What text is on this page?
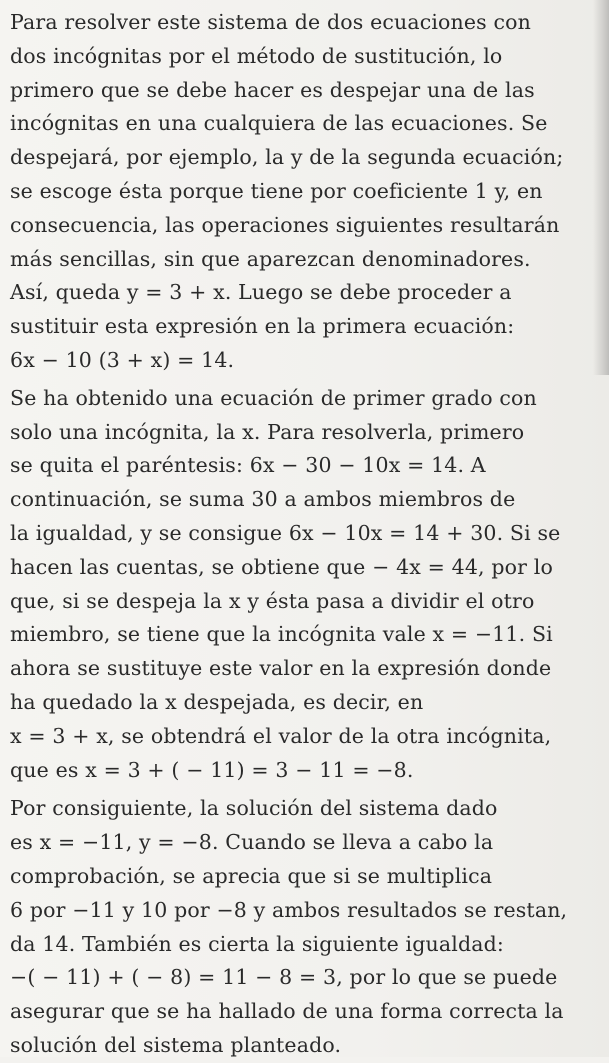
Para resolver este sistema de dos ecuaciones con
dos incógnitas por el método de sustitución, lo
primero que se debe hacer es despejar una de las
incógnitas en una cualquiera de las ecuaciones. Se
despejará, por ejemplo, la y de la segunda ecuación;
se escoge ésta porque tiene por coeficiente 1 y, en
consecuencia, las operaciones siguientes resultarán
más sencillas, sin que aparezcan denominadores.
Así, queda y = 3 + x. Luego se debe proceder a
sustituir esta expresión en la primera ecuación:
6x − 10 (3 + x) = 14.
Se ha obtenido una ecuación de primer grado con
solo una incógnita, la x. Para resolverla, primero
se quita el paréntesis: 6x − 30 − 10x = 14. A
continuación, se suma 30 a ambos miembros de
la igualdad, y se consigue 6x − 10x = 14 + 30. Si se
hacen las cuentas, se obtiene que − 4x = 44, por lo
que, si se despeja la x y ésta pasa a dividir el otro
miembro, se tiene que la incógnita vale x = −11. Si
ahora se sustituye este valor en la expresión donde
ha quedado la x despejada, es decir, en
x = 3 + x, se obtendrá el valor de la otra incógnita,
que es x = 3 + ( − 11) = 3 − 11 = −8.
Por consiguiente, la solución del sistema dado
es x = −11, y = −8. Cuando se lleva a cabo la
comprobación, se aprecia que si se multiplica
6 por −11 y 10 por −8 y ambos resultados se restan,
da 14. También es cierta la siguiente igualdad:
−( − 11) + ( − 8) = 11 − 8 = 3, por lo que se puede
asegurar que se ha hallado de una forma correcta la
solución del sistema planteado.
